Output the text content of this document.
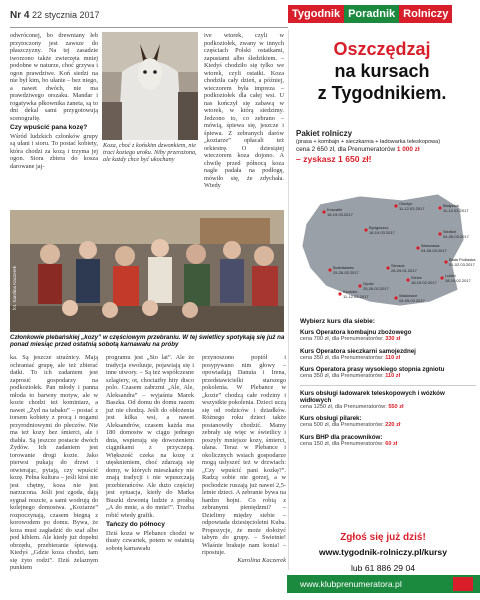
Nr 4 22 stycznia 2017	Tygodnik Poradnik Rolniczy
odwróconej, bo drewniany łeb przytoczony jest zawsze do płaszczyzny. Na tej zasadzie tworzono także zwierzęta mniej podobne w naturze, choć grzywa i ogon prawdziwe. Koń siedzi na nie był kim, bo ułanie – bez niego, a nawet dwóch, nie ma prawdziwego orszaku. Mandar i rogatywka płkownika żaneta, są to dni dekal sami przygotowują scenografię.
Czy wpuścić pana kozę?
Wśród ludzkich członków grupy są ułani i sioru. To postać kobiety, która chodzi za kozą i trzyma jej ogon. Siora zbiera do kosza darowane jaj-
Koza, choć z końskim dzwonkiem, nie traci koziego uroku. Niby przerażona, ale każdy chce być ukochany
ive wtorek, czyli w podkoziołek, zwany w innych częściach Polski ostatkami, zapustami albo śledzikiem. – Kiedyś chodziło się tylko we wtorek, czyli ostatki. Koza chodziła cały dzień, a później, wieczorem była impreza – podkoziołek dla całej wsi. U nas kończył się zabawą w wtorek, w którą siedzimy. Jedzono to, co zebrano – mówią, śpiewa się, jeszcze i śpiewa. Z zebranych darów „koziarze” opłacali też orkiestrę. O dziesiątej wieczorem koza dojono. A chwilę przed północą koza nagle padała na podłogę, mówiło się, że zdychała. Wtedy
fot. Karolina Kaczerek
Członkowie plebańskiej „kozy” w częściowym przebraniu. W tej świetlicy spotykają się już na ponad miesiąc przed ostatnią sobotą karnawału na próby
ka. Są jeszcze straźnicy. Mają ochraniać grupę, ale też zbierać datki. To ich zadaniem jest zaprosić gospodarzy na podkoziołek. Pan młody i panna młoda to barwny motyw, ale w kozie chodzi też kominiarz, a nawet „Żyd na tabaku” – postać z torsem kobiety z procą i nogami przyrodniowymi do płeczów. Nie ma też kozy bez śmierci, ale i diabła. Są jeszcze postacie dwóch Żydów. Ich zadaniem jest torowanie drogi kozie. Jako pierwsi pukają do drzwi i otwierając, pytają, czy wpuścić kozę. Pełna kultura – jeśli ktoś nie jest chętny, koza nie jest narzucona. Jeśli jest zgoda, dają sygnał reszcie, a sami wodrują do kolejnego domostwa. „Koziarze” rozpoczynają, czasem biegną z korowodem po domu. Bywa, że koza musi zagładzić do szaf albo pod kiblem. Ale kiedy już dopełni obrzędu, przebieranie śpiewają. Kiedyś „Gdzie koza chodzi, tam się żyto rodzi”. Dziś żelaznym punktem
programu jest „Sto lat”. Ale że tradycja ewoluuje, pojawiają się i inne utwory. – Są też współczesne szlagiery, ot, chociażby hity disco polo. Czasem zabrzmi „Ale, Ale, Aleksandra” – wyjaśnia Marek Baszka. Od domu do domu razem już nie chodzą. Jeśli do obłożenia jest kilka wsi, a nawet Aleksandrów, czasem każda ma 180 domostw w ciągu jednego dnia, wspierają się dowożeniem ciągnikami z przyczepą. Większość czeka na kozę z utęsknieniem, choć zdarzają się domy, w których mieszkańcy nie znają tradycji i nie wpuszczają przebierańców. Ale dużo częściej jest sytuacja, kiedy do Marka Buszki dzwonią ludzie z prośbą „A do mnie, a do mnie!”. Trzeba robić wtedy grafik.
Tańczy do północy
Dziś koza w Plebance chodzi w tłusty czwartek, potem w ostatnią sobotę karnawału
przynoszono popiół i posypywano nim głowy – opowiadają Danuta i Irena, przedstawicielki starszego pokolenia. W Plebance w „kozie” chodzą całe rodziny i wszystkie pokolenia. Dzieci uczą się od rodziców i dziadków. Różnego roku dzieci także postanowiły chodzić. Mamy zebrały się więc w świetlicy i poszyły mniejsze kozy, śmierci, ułana. Teraz w Plebance i okolicznych wsiach gospodarze mogą usłyszeć też w drzwiach: „Czy wpuścić pani kozkę?”. Radzą sobie nie gorzej, a w pochodzie ruszają już nawet 2,5-letnie dzieci. A zebranie bywa na bardzo hojni. Co robią z zebranymi pieniędzmi? – Dzielimy między siebie – odpowiada dziesięcioletni Kuba. Propozycje, że może dołożyć tabym do grupy. – Świetnie! Właśnie brakuje nam konia! – ripostuje.
Karolina Kaczerek
Oszczędzaj
na kursach
z Tygodnikiem.
Pakiet rolniczy
(prasa + kombajn + sieczkarnia + ładowarka teleskopowa)
cena 2 650 zł, dla Prenumeratorów 1 000 zł
– zyskasz 1 650 zł!
Białystok
11-12.03.2017
Koszalin
18-19.03.2017
Olsztyn
11-12.03.2017
Bydgoszcz
18-19.03.2017
Warszawa
04-05.03.2017
Siedlce
04-05.03.2017
Biała Podlaska
01-02.03.2017
Sieradz
28-29.01.2017
Kielce
18-19.02.2017
Lublin
18-19.02.2017
Bolesławiec
25-26.02.2017
Opole
25-26.02.2017
Kłodzko
11-12.03.2017	Wadowice
04-05.03.2017
Wybierz kurs dla siebie:
Kurs Operatora kombajnu zbożowego
cena 700 zł, dla Prenumeratorów: 330 zł
Kurs Operatora sieczkarni samojezdnej
cena 350 zł, dla Prenumeratorów: 110 zł
Kurs Operatora prasy wysokiego stopnia zgniotu
cena 350 zł, dla Prenumeratorów: 110 zł
Kurs obsługi ładowarek teleskopowych i wózków widłowych
cena 1250 zł, dla Prenumeratorów: 550 zł
Kurs obsługi pilarek:
cena 500 zł, dla Prenumeratorów: 220 zł
Kurs BHP dla pracowników:
cena 150 zł, dla Prenumeratorów: 60 zł
Zgłoś się już dziś!
www.tygodnik-rolniczy.pl/kursy
lub 61 886 29 04
www.klubprenumeratora.pl
